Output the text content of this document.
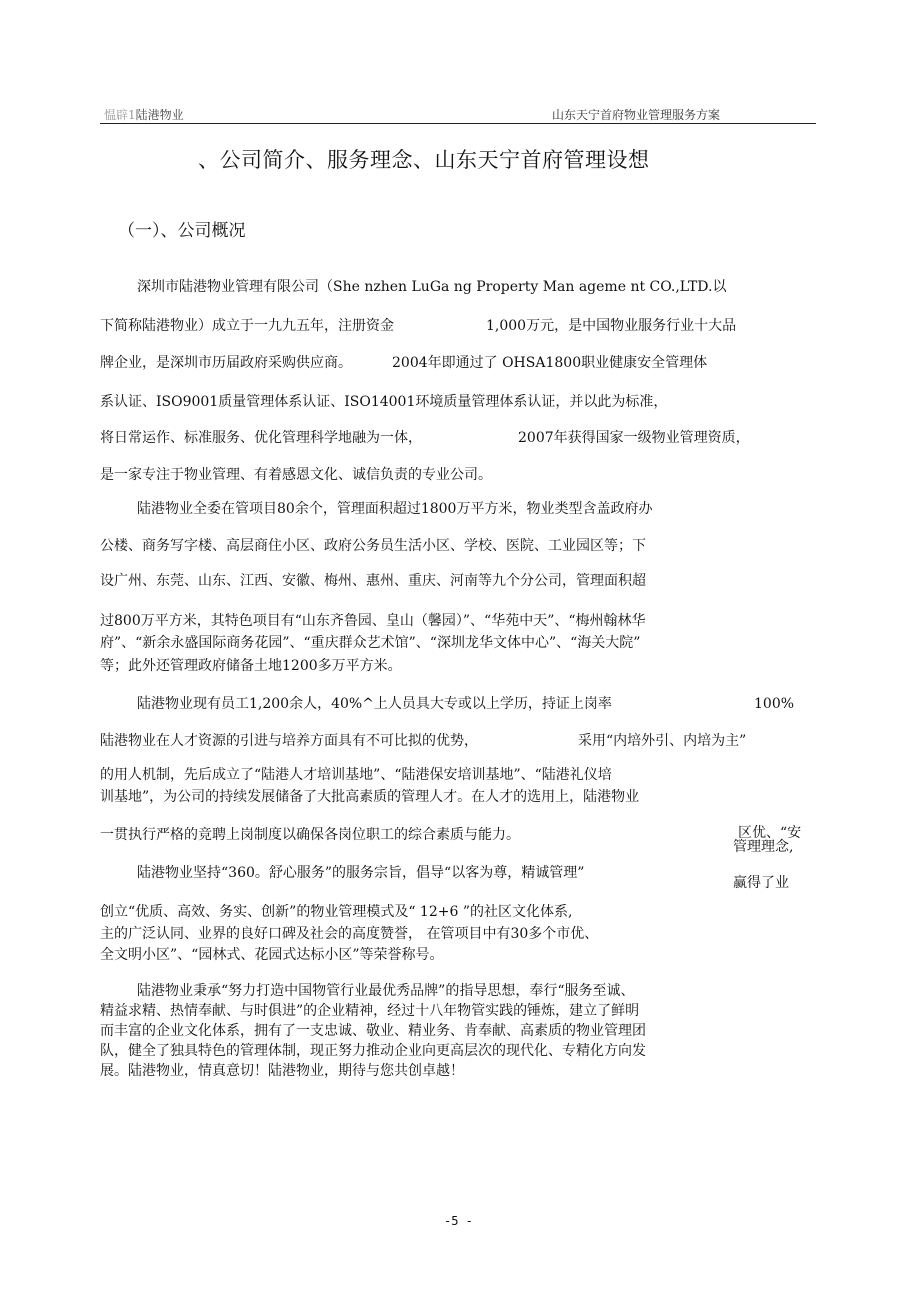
愠辟1陆港物业	山东天宁首府物业管理服务方案
、公司简介、服务理念、山东天宁首府管理设想
（一）、公司概况
深圳市陆港物业管理有限公司（She nzhen LuGa ng Property Man ageme nt CO.,LTD.以
下简称陆港物业）成立于一九九五年，注册资金	1,000万元，是中国物业服务行业十大品
牌企业，是深圳市历届政府采购供应商。	2004年即通过了 OHSA1800职业健康安全管理体
系认证、ISO9001质量管理体系认证、ISO14001环境质量管理体系认证，并以此为标准，
将日常运作、标准服务、优化管理科学地融为一体，	2007年获得国家一级物业管理资质，
是一家专注于物业管理、有着感恩文化、诚信负责的专业公司。
陆港物业全委在管项目80余个，管理面积超过1800万平方米，物业类型含盖政府办
公楼、商务写字楼、高层商住小区、政府公务员生活小区、学校、医院、工业园区等；下
设广州、东莞、山东、江西、安徽、梅州、惠州、重庆、河南等九个分公司，管理面积超
过800万平方米，其特色项目有“山东齐鲁园、皇山（馨园）”、“华苑中天”、“梅州翰林华
府”、“新余永盛国际商务花园”、“重庆群众艺术馆”、“深圳龙华文体中心”、“海关大院”
等；此外还管理政府储备土地1200多万平方米。
陆港物业现有员工1,200余人，40%^上人员具大专或以上学历，持证上岗率	100%
陆港物业在人才资源的引进与培养方面具有不可比拟的优势，	采用“内培外引、内培为主”
的用人机制，先后成立了“陆港人才培训基地”、“陆港保安培训基地”、“陆港礼仪培
训基地”，为公司的持续发展储备了大批高素质的管理人才。在人才的选用上，陆港物业
一贯执行严格的竞聘上岗制度以确保各岗位职工的综合素质与能力。	区优、“安
管理理念,
陆港物业坚持“360。舒心服务”的服务宗旨，倡导“以客为尊，精诚管理”
赢得了业
创立“优质、高效、务实、创新”的物业管理模式及“ 12+6 ”的社区文化体系,
主的广泛认同、业界的良好口碑及社会的高度赞誉， 在管项目中有30多个市优、
全文明小区”、“园林式、花园式达标小区”等荣誉称号。
陆港物业秉承“努力打造中国物管行业最优秀品牌”的指导思想，奉行“服务至诚、
精益求精、热情奉献、与时俱进”的企业精神，经过十八年物管实践的锤炼，建立了鲜明
而丰富的企业文化体系，拥有了一支忠诚、敬业、精业务、肯奉献、高素质的物业管理团
队，健全了独具特色的管理体制，现正努力推动企业向更高层次的现代化、专精化方向发
展。陆港物业，情真意切！陆港物业，期待与您共创卓越！
-5 -
